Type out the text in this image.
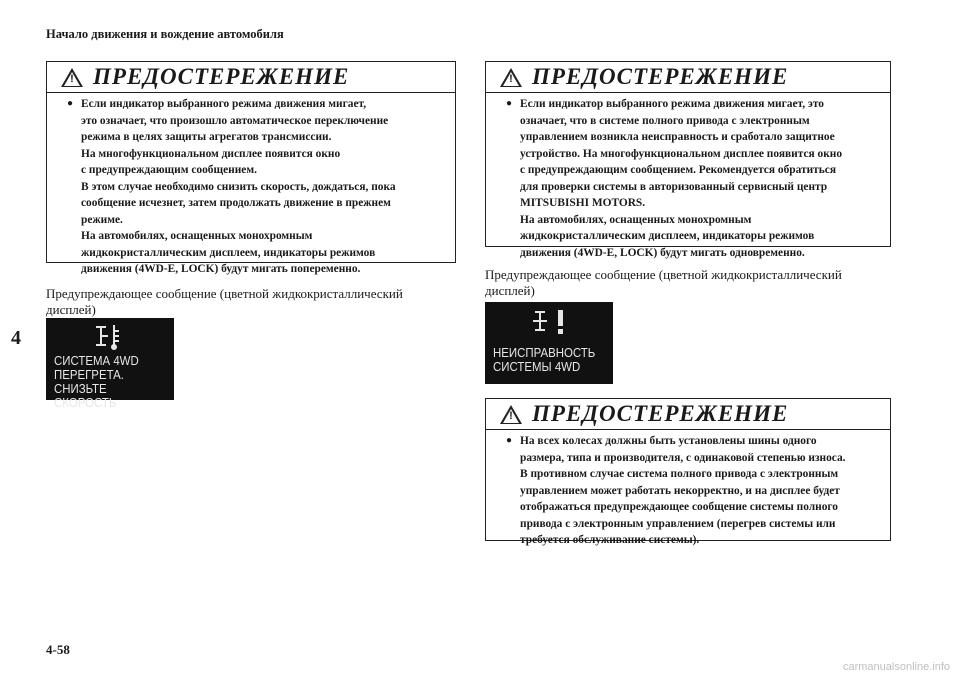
Начало движения и вождение автомобиля
4
! ПРЕДОСТЕРЕЖЕНИЕ
● Если индикатор выбранного режима движения мигает,
это означает, что произошло автоматическое переключение
режима в целях защиты агрегатов трансмиссии.
На многофункциональном дисплее появится окно
с предупреждающим сообщением.
В этом случае необходимо снизить скорость, дождаться, пока
сообщение исчезнет, затем продолжать движение в прежнем
режиме.
На автомобилях, оснащенных монохромным
жидкокристаллическим дисплеем, индикаторы режимов
движения (4WD-E, LOCK) будут мигать попеременно.
Предупреждающее сообщение (цветной жидкокристаллический
дисплей)
СИСТЕМА 4WD
ПЕРЕГРЕТА.
СНИЗЬТЕ СКОРОСТЬ
! ПРЕДОСТЕРЕЖЕНИЕ
● Если индикатор выбранного режима движения мигает, это
означает, что в системе полного привода с электронным
управлением возникла неисправность и сработало защитное
устройство. На многофункциональном дисплее появится окно
с предупреждающим сообщением. Рекомендуется обратиться
для проверки системы в авторизованный сервисный центр
MITSUBISHI MOTORS.
На автомобилях, оснащенных монохромным
жидкокристаллическим дисплеем, индикаторы режимов
движения (4WD-E, LOCK) будут мигать одновременно.
Предупреждающее сообщение (цветной жидкокристаллический
дисплей)
НЕИСПРАВНОСТЬ
СИСТЕМЫ 4WD
! ПРЕДОСТЕРЕЖЕНИЕ
● На всех колесах должны быть установлены шины одного
размера, типа и производителя, с одинаковой степенью износа.
В противном случае система полного привода с электронным
управлением может работать некорректно, и на дисплее будет
отображаться предупреждающее сообщение системы полного
привода с электронным управлением (перегрев системы или
требуется обслуживание системы).
4-58
carmanualsonline.info
